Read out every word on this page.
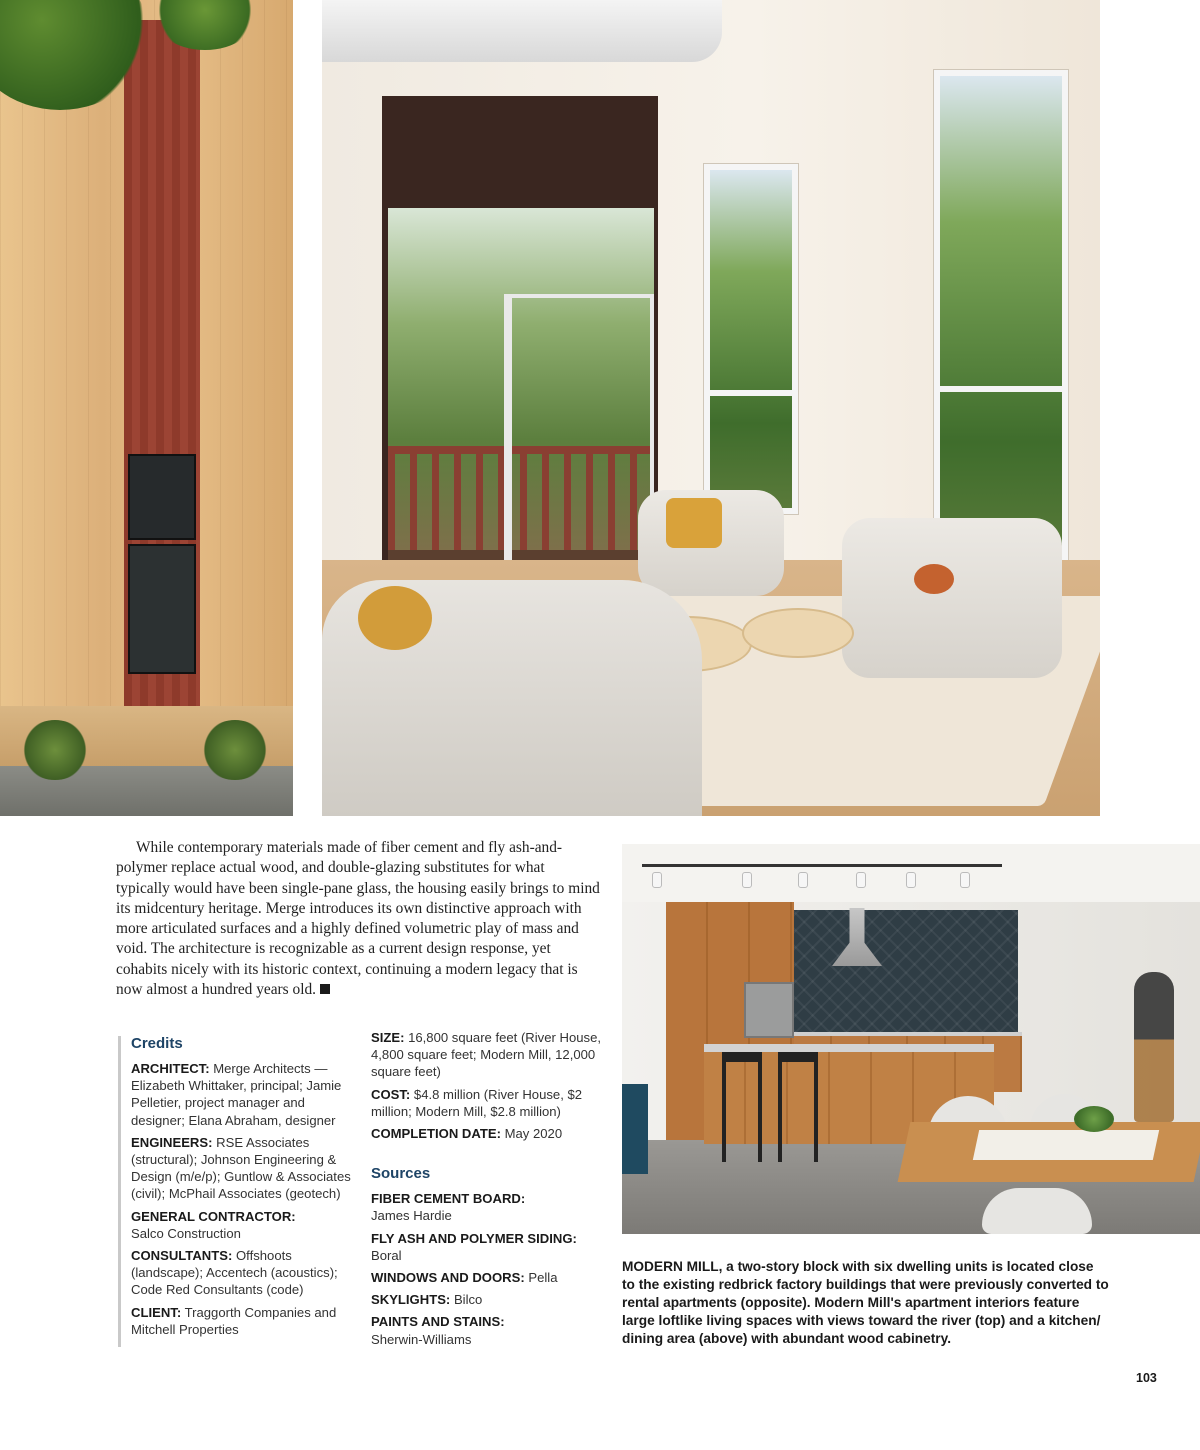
While contemporary materials made of fiber cement and fly ash-and-polymer replace actual wood, and double-glazing substitutes for what typically would have been single-pane glass, the housing easily brings to mind its midcentury heritage. Merge introduces its own distinctive approach with more articulated surfaces and a highly defined volumetric play of mass and void. The architecture is recognizable as a current design response, yet cohabits nicely with its historic context, continuing a modern legacy that is now almost a hundred years old.

Credits
ARCHITECT: Merge Architects — Elizabeth Whittaker, principal; Jamie Pelletier, project manager and designer; Elana Abraham, designer
ENGINEERS: RSE Associates (structural); Johnson Engineering & Design (m/e/p); Guntlow & Associates (civil); McPhail Associates (geotech)
GENERAL CONTRACTOR:
Salco Construction
CONSULTANTS: Offshoots (landscape); Accentech (acoustics); Code Red Consultants (code)
CLIENT: Traggorth Companies and Mitchell Properties
SIZE: 16,800 square feet (River House, 4,800 square feet; Modern Mill, 12,000 square feet)
COST: $4.8 million (River House, $2 million; Modern Mill, $2.8 million)
COMPLETION DATE: May 2020
Sources
FIBER CEMENT BOARD:
James Hardie
FLY ASH AND POLYMER SIDING:
Boral
WINDOWS AND DOORS: Pella
SKYLIGHTS: Bilco
PAINTS AND STAINS:
Sherwin-Williams
MODERN MILL, a two-story block with six dwelling units is located close to the existing redbrick factory buildings that were previously converted to rental apartments (opposite). Modern Mill's apartment interiors feature large loftlike living spaces with views toward the river (top) and a kitchen/ dining area (above) with abundant wood cabinetry.
103
